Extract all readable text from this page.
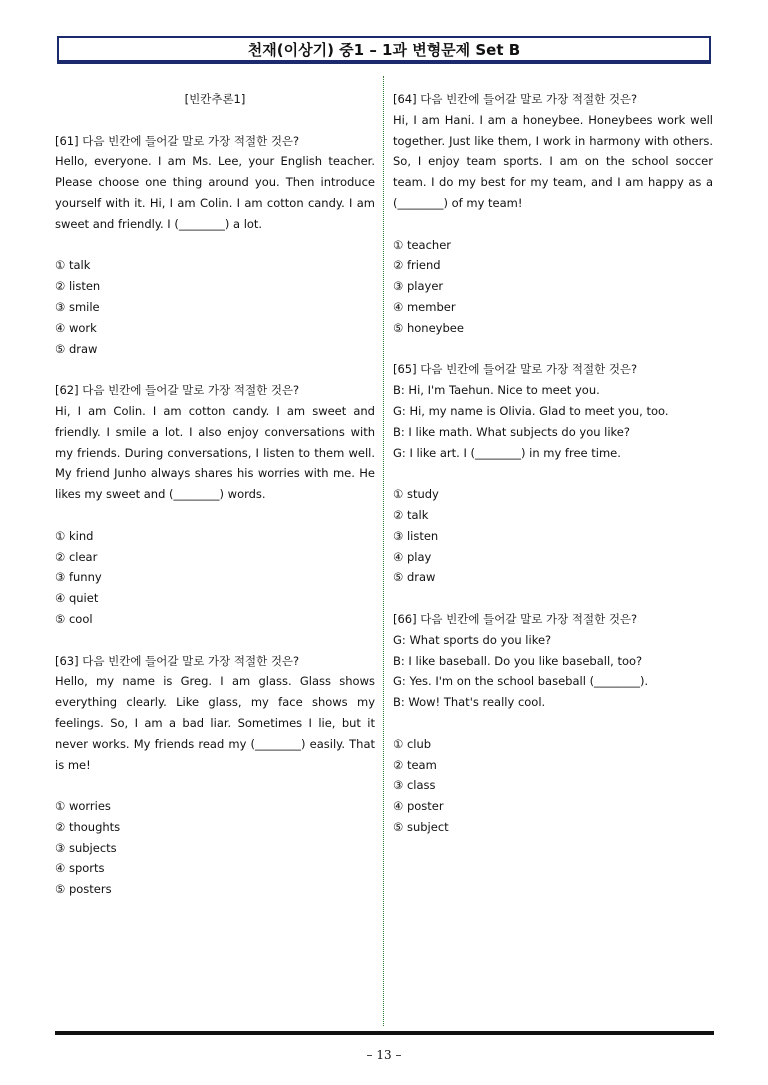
천재(이상기) 중1 – 1과 변형문제 Set B
[빈칸추론1]

[61] 다음 빈칸에 들어갈 말로 가장 적절한 것은?

Hello, everyone. I am Ms. Lee, your English teacher. Please choose one thing around you. Then introduce yourself with it. Hi, I am Colin. I am cotton candy. I am sweet and friendly. I (________) a lot.

① talk
② listen
③ smile
④ work
⑤ draw

[62] 다음 빈칸에 들어갈 말로 가장 적절한 것은?

Hi, I am Colin. I am cotton candy. I am sweet and friendly. I smile a lot. I also enjoy conversations with my friends. During conversations, I listen to them well. My friend Junho always shares his worries with me. He likes my sweet and (________) words.

① kind
② clear
③ funny
④ quiet
⑤ cool

[63] 다음 빈칸에 들어갈 말로 가장 적절한 것은?

Hello, my name is Greg. I am glass. Glass shows everything clearly. Like glass, my face shows my feelings. So, I am a bad liar. Sometimes I lie, but it never works. My friends read my (________) easily. That is me!

① worries
② thoughts
③ subjects
④ sports
⑤ posters

[64] 다음 빈칸에 들어갈 말로 가장 적절한 것은?

Hi, I am Hani. I am a honeybee. Honeybees work well together. Just like them, I work in harmony with others. So, I enjoy team sports. I am on the school soccer team. I do my best for my team, and I am happy as a (________) of my team!

① teacher
② friend
③ player
④ member
⑤ honeybee

[65] 다음 빈칸에 들어갈 말로 가장 적절한 것은?

B: Hi, I'm Taehun. Nice to meet you.
G: Hi, my name is Olivia. Glad to meet you, too.
B: I like math. What subjects do you like?
G: I like art. I (________) in my free time.
① study
② talk
③ listen
④ play
⑤ draw

[66] 다음 빈칸에 들어갈 말로 가장 적절한 것은?

G: What sports do you like?
B: I like baseball. Do you like baseball, too?
G: Yes. I'm on the school baseball (________).
B: Wow! That's really cool.
① club
② team
③ class
④ poster
⑤ subject
– 13 –
